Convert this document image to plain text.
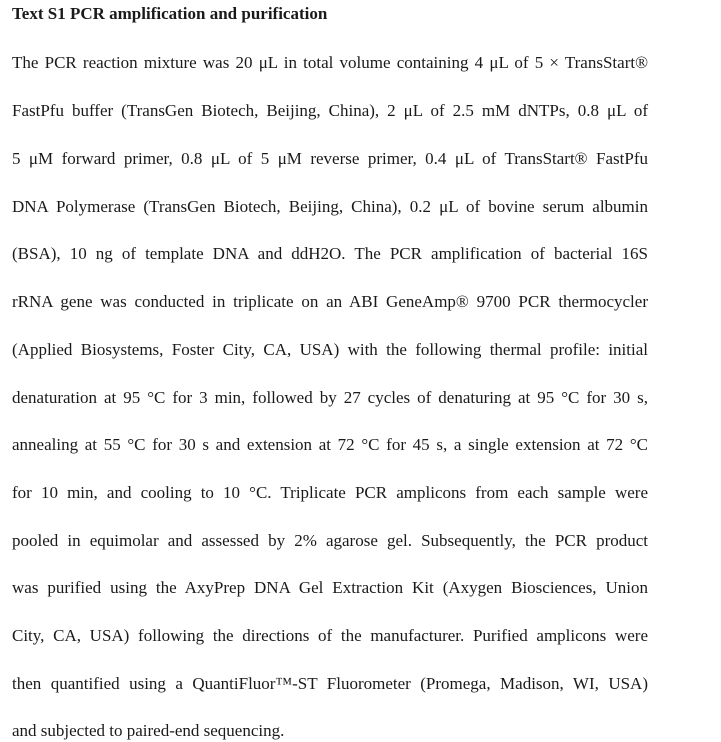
Text S1 PCR amplification and purification
The PCR reaction mixture was 20 μL in total volume containing 4 μL of 5 × TransStart®
FastPfu buffer (TransGen Biotech, Beijing, China), 2 μL of 2.5 mM dNTPs, 0.8 μL of
5 μM forward primer, 0.8 μL of 5 μM reverse primer, 0.4 μL of TransStart® FastPfu
DNA Polymerase (TransGen Biotech, Beijing, China), 0.2 μL of bovine serum albumin
(BSA), 10 ng of template DNA and ddH2O. The PCR amplification of bacterial 16S
rRNA gene was conducted in triplicate on an ABI GeneAmp® 9700 PCR thermocycler
(Applied Biosystems, Foster City, CA, USA) with the following thermal profile: initial
denaturation at 95 °C for 3 min, followed by 27 cycles of denaturing at 95 °C for 30 s,
annealing at 55 °C for 30 s and extension at 72 °C for 45 s, a single extension at 72 °C
for 10 min, and cooling to 10 °C. Triplicate PCR amplicons from each sample were
pooled in equimolar and assessed by 2% agarose gel. Subsequently, the PCR product
was purified using the AxyPrep DNA Gel Extraction Kit (Axygen Biosciences, Union
City, CA, USA) following the directions of the manufacturer. Purified amplicons were
then quantified using a QuantiFluor™-ST Fluorometer (Promega, Madison, WI, USA)
and subjected to paired-end sequencing.
